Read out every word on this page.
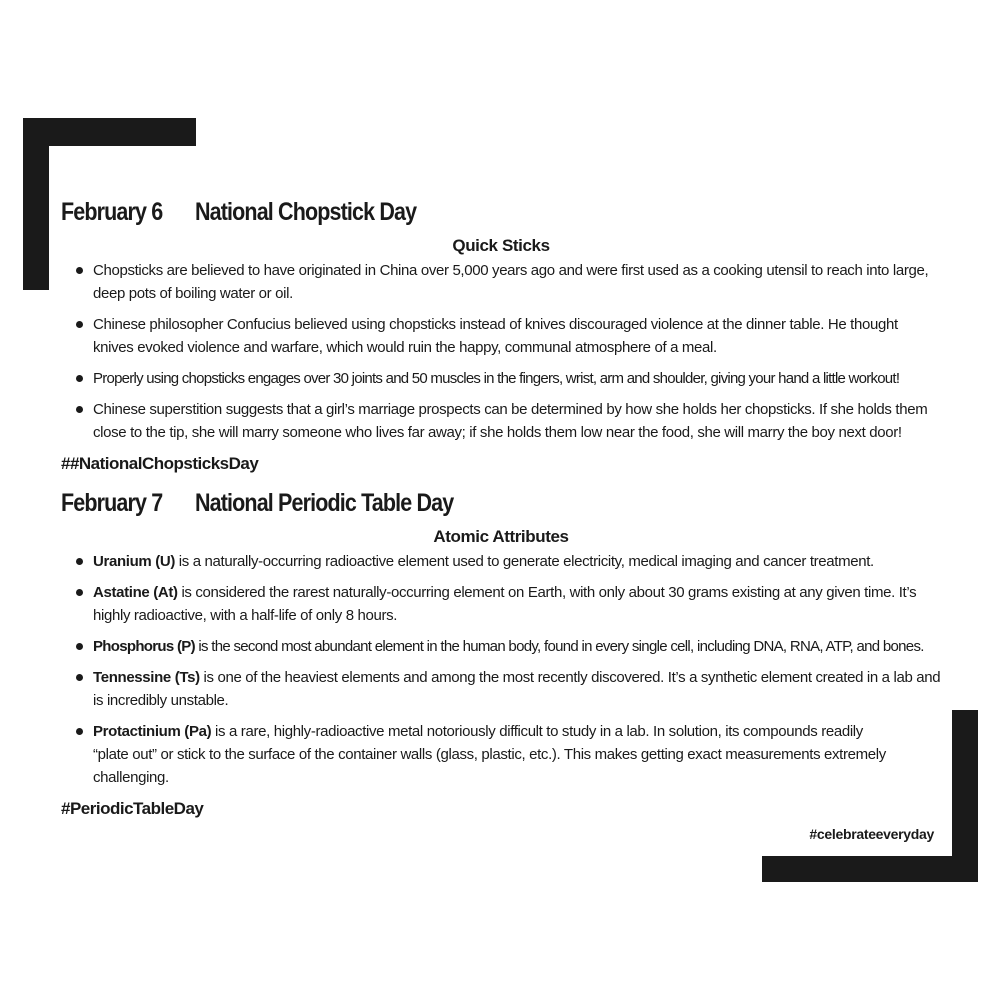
February 6 National Chopstick Day
Quick Sticks
Chopsticks are believed to have originated in China over 5,000 years ago and were first used as a cooking utensil to reach into large, deep pots of boiling water or oil.
Chinese philosopher Confucius believed using chopsticks instead of knives discouraged violence at the dinner table. He thought knives evoked violence and warfare, which would ruin the happy, communal atmosphere of a meal.
Properly using chopsticks engages over 30 joints and 50 muscles in the fingers, wrist, arm and shoulder, giving your hand a little workout!
Chinese superstition suggests that a girl’s marriage prospects can be determined by how she holds her chopsticks. If she holds them close to the tip, she will marry someone who lives far away; if she holds them low near the food, she will marry the boy next door!
##NationalChopsticksDay
February 7 National Periodic Table Day
Atomic Attributes
Uranium (U) is a naturally-occurring radioactive element used to generate electricity, medical imaging and cancer treatment.
Astatine (At) is considered the rarest naturally-occurring element on Earth, with only about 30 grams existing at any given time. It’s highly radioactive, with a half-life of only 8 hours.
Phosphorus (P) is the second most abundant element in the human body, found in every single cell, including DNA, RNA, ATP, and bones.
Tennessine (Ts) is one of the heaviest elements and among the most recently discovered. It’s a synthetic element created in a lab and is incredibly unstable.
Protactinium (Pa) is a rare, highly-radioactive metal notoriously difficult to study in a lab. In solution, its compounds readily “plate out” or stick to the surface of the container walls (glass, plastic, etc.). This makes getting exact measurements extremely challenging.
#PeriodicTableDay
#celebrateeveryday
